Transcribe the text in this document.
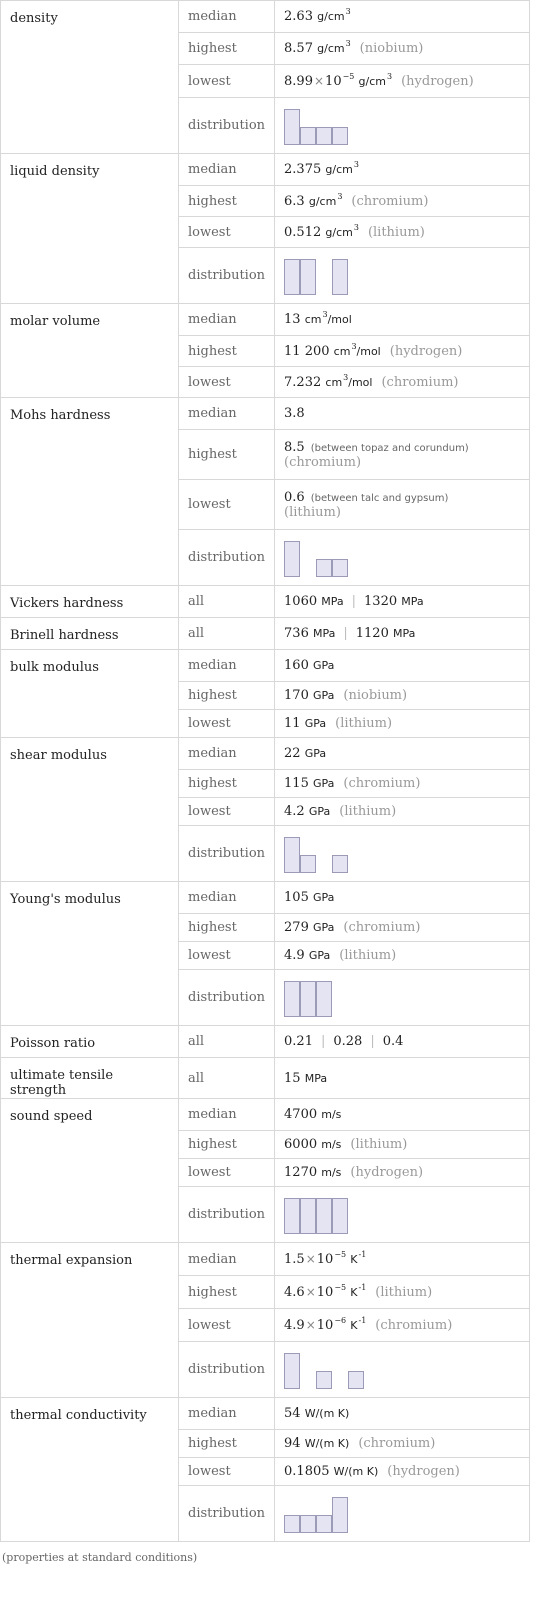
density	median	2.63 $g/cm^3$
	highest	8.57 $g/cm^3$ (niobium)
	lowest	$8.99\times 10^{-5}$ $g/cm^3$ (hydrogen)
	distribution	

liquid density	median	2.375 $g/cm^3$
	highest	6.3 $g/cm^3$ (chromium)
	lowest	0.512 $g/cm^3$ (lithium)
	distribution	

molar volume	median	13 $cm^3$/mol
	highest	11 200 $cm^3$/mol (hydrogen)
	lowest	7.232 $cm^3$/mol (chromium)
Mohs hardness	median	3.8
	highest	8.5 (between topaz and corundum)
(chromium)
	lowest	0.6 (between talc and gypsum)
(lithium)
	distribution	

Vickers hardness	all	1060 MPa | 1320 MPa
Brinell hardness	all	736 MPa | 1120 MPa
bulk modulus	median	160 GPa
	highest	170 GPa (niobium)
	lowest	11 GPa (lithium)
shear modulus	median	22 GPa
	highest	115 GPa (chromium)
	lowest	4.2 GPa (lithium)
	distribution	

Young's modulus	median	105 GPa
	highest	279 GPa (chromium)
	lowest	4.9 GPa (lithium)
	distribution	

Poisson ratio	all	0.21 | 0.28 | 0.4
ultimate tensile strength	all	15 MPa
sound speed	median	4700 m/s
	highest	6000 m/s (lithium)
	lowest	1270 m/s (hydrogen)
	distribution	

thermal expansion	median	$1.5\times 10^{-5}$ $K^{-1}$
	highest	$4.6\times 10^{-5}$ $K^{-1}$ (lithium)
	lowest	$4.9\times 10^{-6}$ $K^{-1}$ (chromium)
	distribution	

thermal conductivity	median	54 W/(m K)
	highest	94 W/(m K) (chromium)
	lowest	0.1805 W/(m K) (hydrogen)
	distribution	
(properties at standard conditions)
